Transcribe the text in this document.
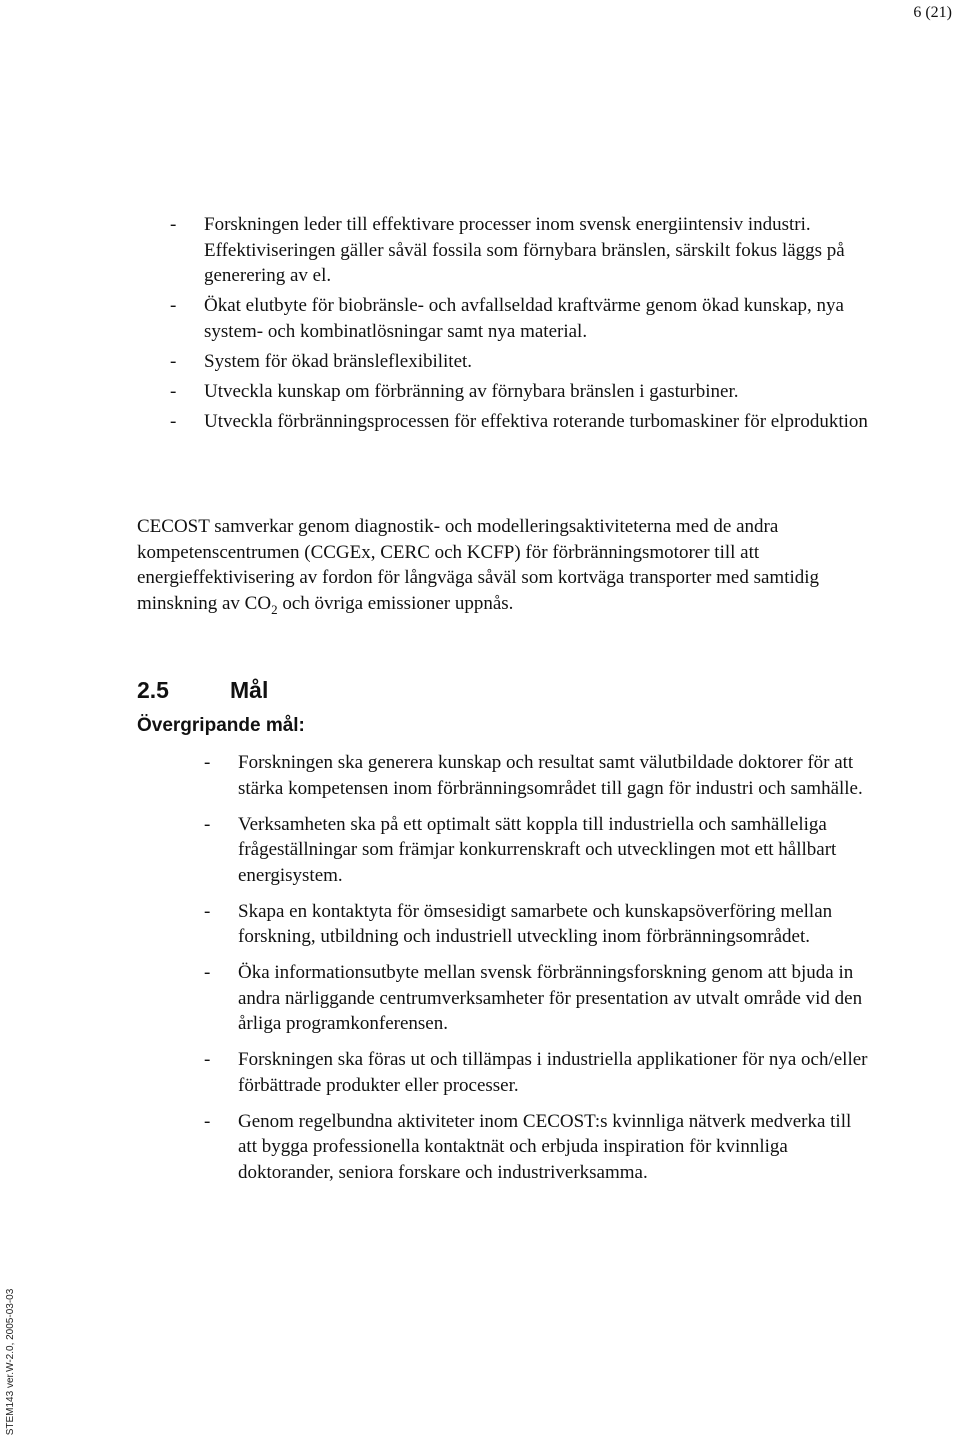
6 (21)
- Forskningen leder till effektivare processer inom svensk energiintensiv industri. Effektiviseringen gäller såväl fossila som förnybara bränslen, särskilt fokus läggs på generering av el.
- Ökat elutbyte för biobränsle- och avfallseldad kraftvärme genom ökad kunskap, nya system- och kombinatlösningar samt nya material.
- System för ökad bränsleflexibilitet.
- Utveckla kunskap om förbränning av förnybara bränslen i gasturbiner.
- Utveckla förbränningsprocessen för effektiva roterande turbomaskiner för elproduktion

CECOST samverkar genom diagnostik- och modelleringsaktiviteterna med de andra kompetenscentrumen (CCGEx, CERC och KCFP) för förbränningsmotorer till att energieffektivisering av fordon för långväga såväl som kortväga transporter med samtidig minskning av $CO_2$ och övriga emissioner uppnås.

2.5	Mål
Övergripande mål:
- Forskningen ska generera kunskap och resultat samt välutbildade doktorer för att stärka kompetensen inom förbränningsområdet till gagn för industri och samhälle.
- Verksamheten ska på ett optimalt sätt koppla till industriella och samhälleliga frågeställningar som främjar konkurrenskraft och utvecklingen mot ett hållbart energisystem.
- Skapa en kontaktyta för ömsesidigt samarbete och kunskapsöverföring mellan forskning, utbildning och industriell utveckling inom förbränningsområdet.
- Öka informationsutbyte mellan svensk förbränningsforskning genom att bjuda in andra närliggande centrumverksamheter för presentation av utvalt område vid den årliga programkonferensen.
- Forskningen ska föras ut och tillämpas i industriella applikationer för nya och/eller förbättrade produkter eller processer.
- Genom regelbundna aktiviteter inom CECOST:s kvinnliga nätverk medverka till att bygga professionella kontaktnät och erbjuda inspiration för kvinnliga doktorander, seniora forskare och industriverksamma.
STEM143 ver.W-2.0, 2005-03-03
